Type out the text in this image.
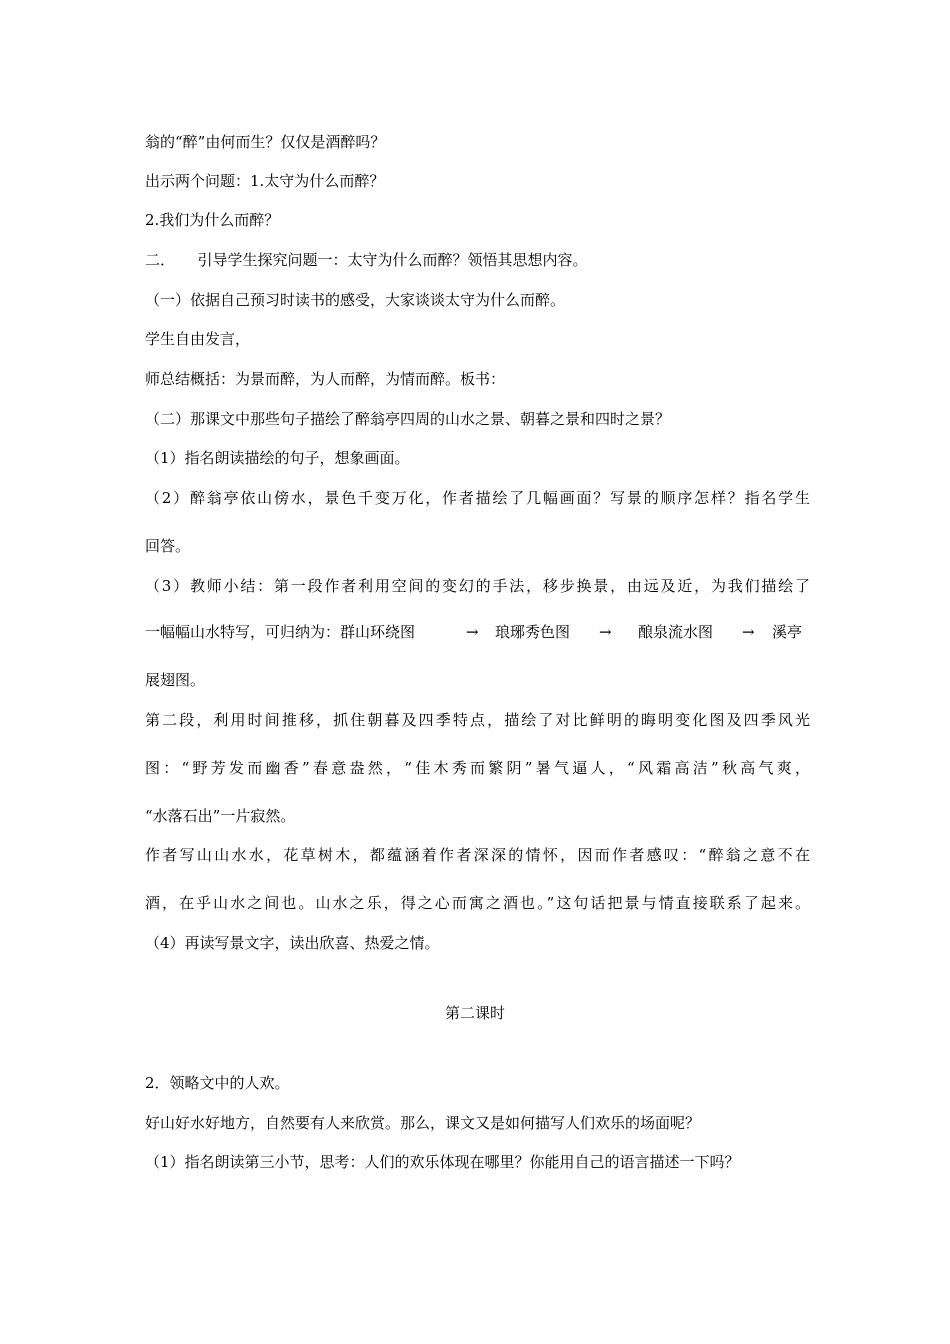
翁的“醉”由何而生？仅仅是酒醉吗？
出示两个问题：1.太守为什么而醉？
2.我们为什么而醉？
二．　　引导学生探究问题一：太守为什么而醉？领悟其思想内容。
（一）依据自己预习时读书的感受，大家谈谈太守为什么而醉。
学生自由发言，
师总结概括：为景而醉，为人而醉，为情而醉。板书：
（二）那课文中那些句子描绘了醉翁亭四周的山水之景、朝暮之景和四时之景？
（1）指名朗读描绘的句子，想象画面。
（2）醉翁亭依山傍水，景色千变万化，作者描绘了几幅画面？写景的顺序怎样？指名学生
回答。
（3）教师小结：第一段作者利用空间的变幻的手法，移步换景，由远及近，为我们描绘了
一幅幅山水特写，可归纳为：群山环绕图	→ 琅琊秀色图 → 酿泉流水图 → 溪亭
展翅图。
第二段，利用时间推移，抓住朝暮及四季特点，描绘了对比鲜明的晦明变化图及四季风光
图：“野芳发而幽香”春意盎然，“佳木秀而繁阴”暑气逼人，“风霜高洁”秋高气爽，
“水落石出”一片寂然。
作者写山山水水，花草树木，都蕴涵着作者深深的情怀，因而作者感叹：“醉翁之意不在
酒，在乎山水之间也。山水之乐，得之心而寓之酒也。”这句话把景与情直接联系了起来。
（4）再读写景文字，读出欣喜、热爱之情。
第二课时
2．领略文中的人欢。
好山好水好地方，自然要有人来欣赏。那么，课文又是如何描写人们欢乐的场面呢？
（1）指名朗读第三小节，思考：人们的欢乐体现在哪里？你能用自己的语言描述一下吗？
